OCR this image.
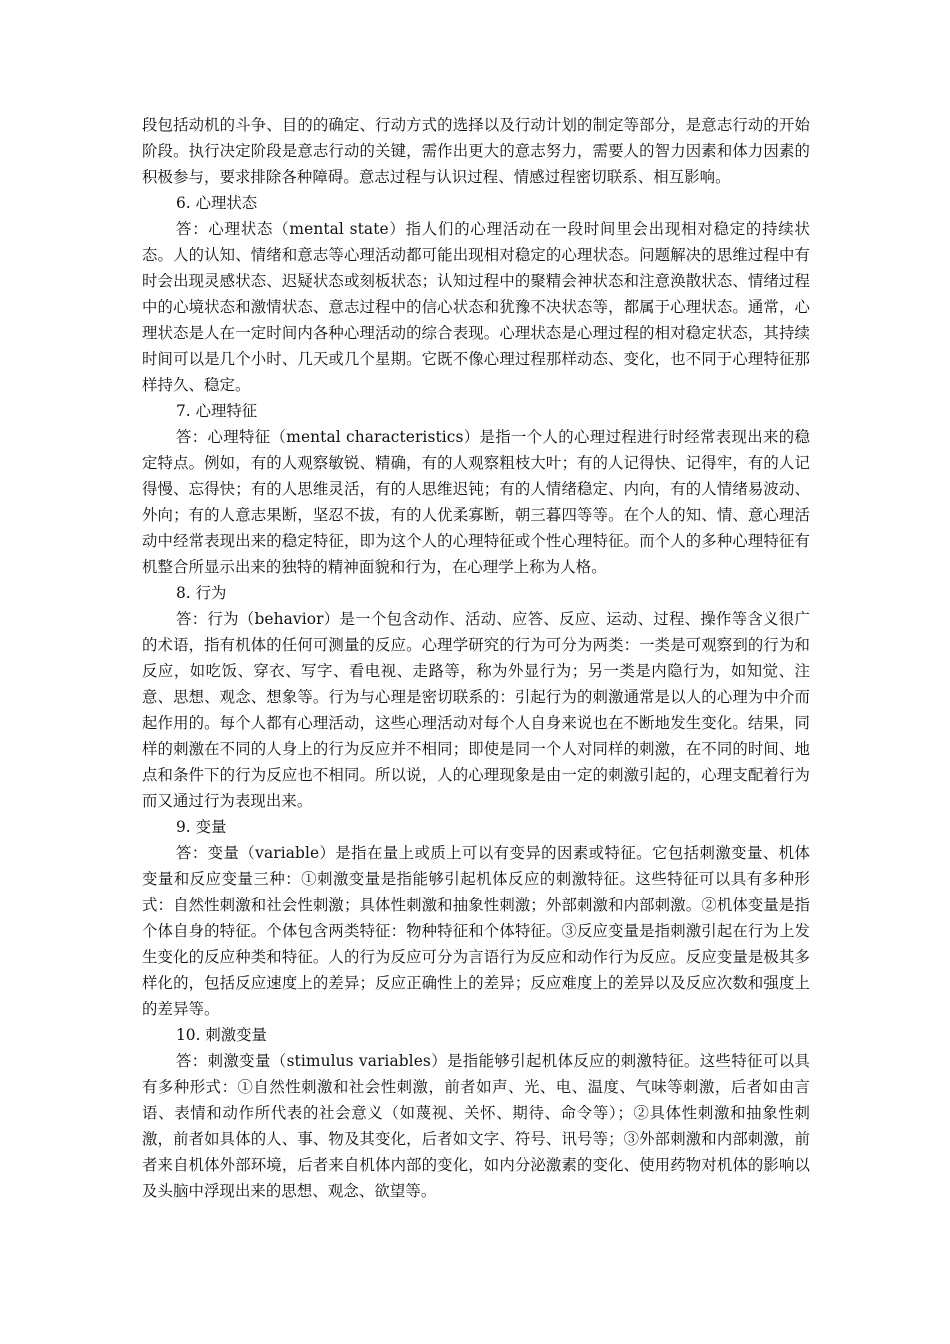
段包括动机的斗争、目的的确定、行动方式的选择以及行动计划的制定等部分，是意志行动的开始阶段。执行决定阶段是意志行动的关键，需作出更大的意志努力，需要人的智力因素和体力因素的积极参与，要求排除各种障碍。意志过程与认识过程、情感过程密切联系、相互影响。

6. 心理状态

答：心理状态（mental state）指人们的心理活动在一段时间里会出现相对稳定的持续状态。人的认知、情绪和意志等心理活动都可能出现相对稳定的心理状态。问题解决的思维过程中有时会出现灵感状态、迟疑状态或刻板状态；认知过程中的聚精会神状态和注意涣散状态、情绪过程中的心境状态和激情状态、意志过程中的信心状态和犹豫不决状态等，都属于心理状态。通常，心理状态是人在一定时间内各种心理活动的综合表现。心理状态是心理过程的相对稳定状态，其持续时间可以是几个小时、几天或几个星期。它既不像心理过程那样动态、变化，也不同于心理特征那样持久、稳定。

7. 心理特征

答：心理特征（mental characteristics）是指一个人的心理过程进行时经常表现出来的稳定特点。例如，有的人观察敏锐、精确，有的人观察粗枝大叶；有的人记得快、记得牢，有的人记得慢、忘得快；有的人思维灵活，有的人思维迟钝；有的人情绪稳定、内向，有的人情绪易波动、外向；有的人意志果断，坚忍不拔，有的人优柔寡断，朝三暮四等等。在个人的知、情、意心理活动中经常表现出来的稳定特征，即为这个人的心理特征或个性心理特征。而个人的多种心理特征有机整合所显示出来的独特的精神面貌和行为，在心理学上称为人格。

8. 行为

答：行为（behavior）是一个包含动作、活动、应答、反应、运动、过程、操作等含义很广的术语，指有机体的任何可测量的反应。心理学研究的行为可分为两类：一类是可观察到的行为和反应，如吃饭、穿衣、写字、看电视、走路等，称为外显行为；另一类是内隐行为，如知觉、注意、思想、观念、想象等。行为与心理是密切联系的：引起行为的刺激通常是以人的心理为中介而起作用的。每个人都有心理活动，这些心理活动对每个人自身来说也在不断地发生变化。结果，同样的刺激在不同的人身上的行为反应并不相同；即使是同一个人对同样的刺激，在不同的时间、地点和条件下的行为反应也不相同。所以说，人的心理现象是由一定的刺激引起的，心理支配着行为而又通过行为表现出来。

9. 变量

答：变量（variable）是指在量上或质上可以有变异的因素或特征。它包括刺激变量、机体变量和反应变量三种：①刺激变量是指能够引起机体反应的刺激特征。这些特征可以具有多种形式：自然性刺激和社会性刺激；具体性刺激和抽象性刺激；外部刺激和内部刺激。②机体变量是指个体自身的特征。个体包含两类特征：物种特征和个体特征。③反应变量是指刺激引起在行为上发生变化的反应种类和特征。人的行为反应可分为言语行为反应和动作行为反应。反应变量是极其多样化的，包括反应速度上的差异；反应正确性上的差异；反应难度上的差异以及反应次数和强度上的差异等。

10. 刺激变量

答：刺激变量（stimulus variables）是指能够引起机体反应的刺激特征。这些特征可以具有多种形式：①自然性刺激和社会性刺激，前者如声、光、电、温度、气味等刺激，后者如由言语、表情和动作所代表的社会意义（如蔑视、关怀、期待、命令等）；②具体性刺激和抽象性刺激，前者如具体的人、事、物及其变化，后者如文字、符号、讯号等；③外部刺激和内部刺激，前者来自机体外部环境，后者来自机体内部的变化，如内分泌激素的变化、使用药物对机体的影响以及头脑中浮现出来的思想、观念、欲望等。
